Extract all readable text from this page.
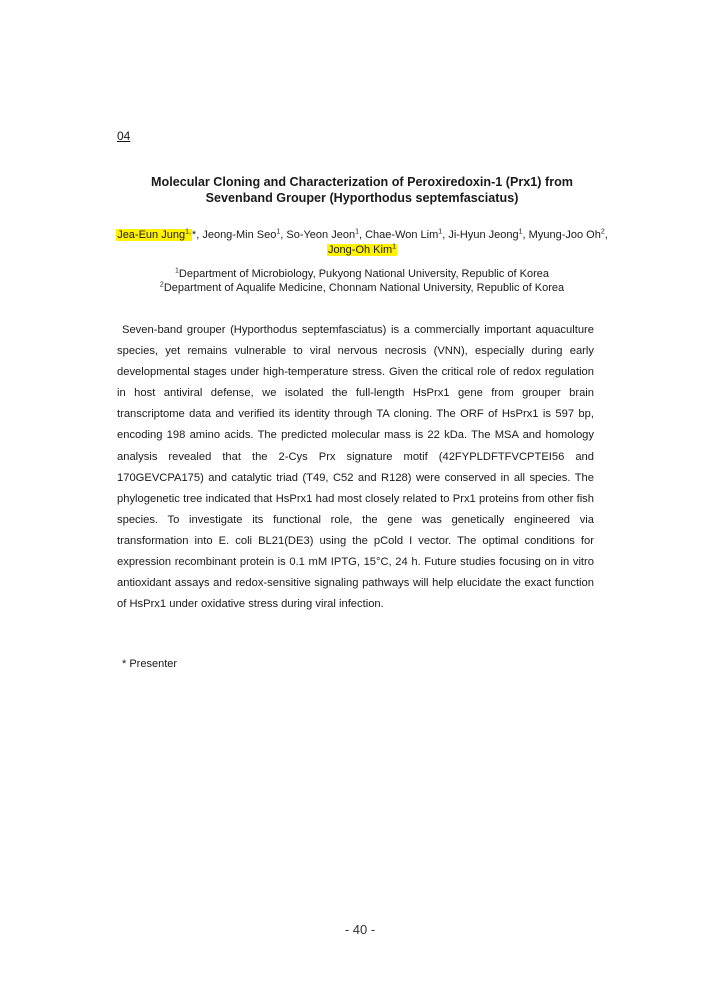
04
Molecular Cloning and Characterization of Peroxiredoxin-1 (Prx1) from Sevenband Grouper (Hyporthodus septemfasciatus)
Jea-Eun Jung$^{1,}$*, Jeong-Min Seo$^1$, So-Yeon Jeon$^1$, Chae-Won Lim$^1$, Ji-Hyun Jeong$^1$, Myung-Joo Oh$^2$, Jong-Oh Kim$^1$
$^1$Department of Microbiology, Pukyong National University, Republic of Korea
$^2$Department of Aqualife Medicine, Chonnam National University, Republic of Korea
Seven-band grouper (Hyporthodus septemfasciatus) is a commercially important aquaculture species, yet remains vulnerable to viral nervous necrosis (VNN), especially during early developmental stages under high-temperature stress. Given the critical role of redox regulation in host antiviral defense, we isolated the full-length HsPrx1 gene from grouper brain transcriptome data and verified its identity through TA cloning. The ORF of HsPrx1 is 597 bp, encoding 198 amino acids. The predicted molecular mass is 22 kDa. The MSA and homology analysis revealed that the 2-Cys Prx signature motif (42FYPLDFTFVCPTEI56 and 170GEVCPA175) and catalytic triad (T49, C52 and R128) were conserved in all species. The phylogenetic tree indicated that HsPrx1 had most closely related to Prx1 proteins from other fish species. To investigate its functional role, the gene was genetically engineered via transformation into E. coli BL21(DE3) using the pCold I vector. The optimal conditions for expression recombinant protein is 0.1 mM IPTG, 15°C, 24 h. Future studies focusing on in vitro antioxidant assays and redox-sensitive signaling pathways will help elucidate the exact function of HsPrx1 under oxidative stress during viral infection.
* Presenter
- 40 -
